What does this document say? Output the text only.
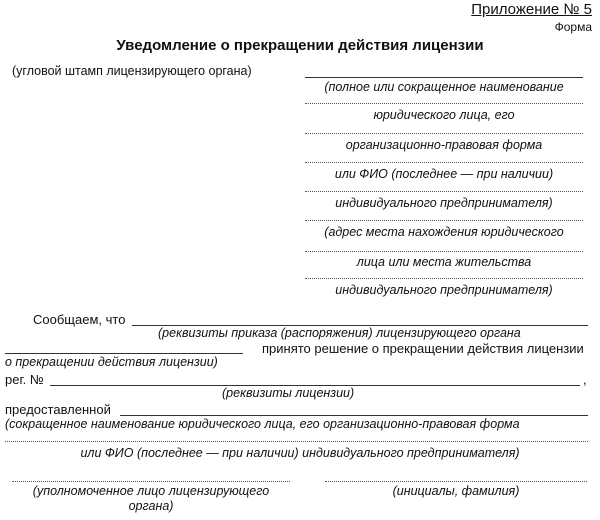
Приложение № 5
Форма
Уведомление о прекращении действия лицензии
(угловой штамп лицензирующего органа)
(полное или сокращенное наименование
юридического лица, его
организационно-правовая форма
или ФИО (последнее — при наличии)
индивидуального предпринимателя)
(адрес места нахождения юридического
лица или места жительства
индивидуального предпринимателя)
Сообщаем, что
(реквизиты приказа (распоряжения) лицензирующего органа
принято решение о прекращении действия лицензии
о прекращении действия лицензии)
рег. №	,
(реквизиты лицензии)
предоставленной
(сокращенное наименование юридического лица, его организационно-правовая форма
или ФИО (последнее — при наличии) индивидуального предпринимателя)
(уполномоченное лицо лицензирующего
органа)
(инициалы, фамилия)
